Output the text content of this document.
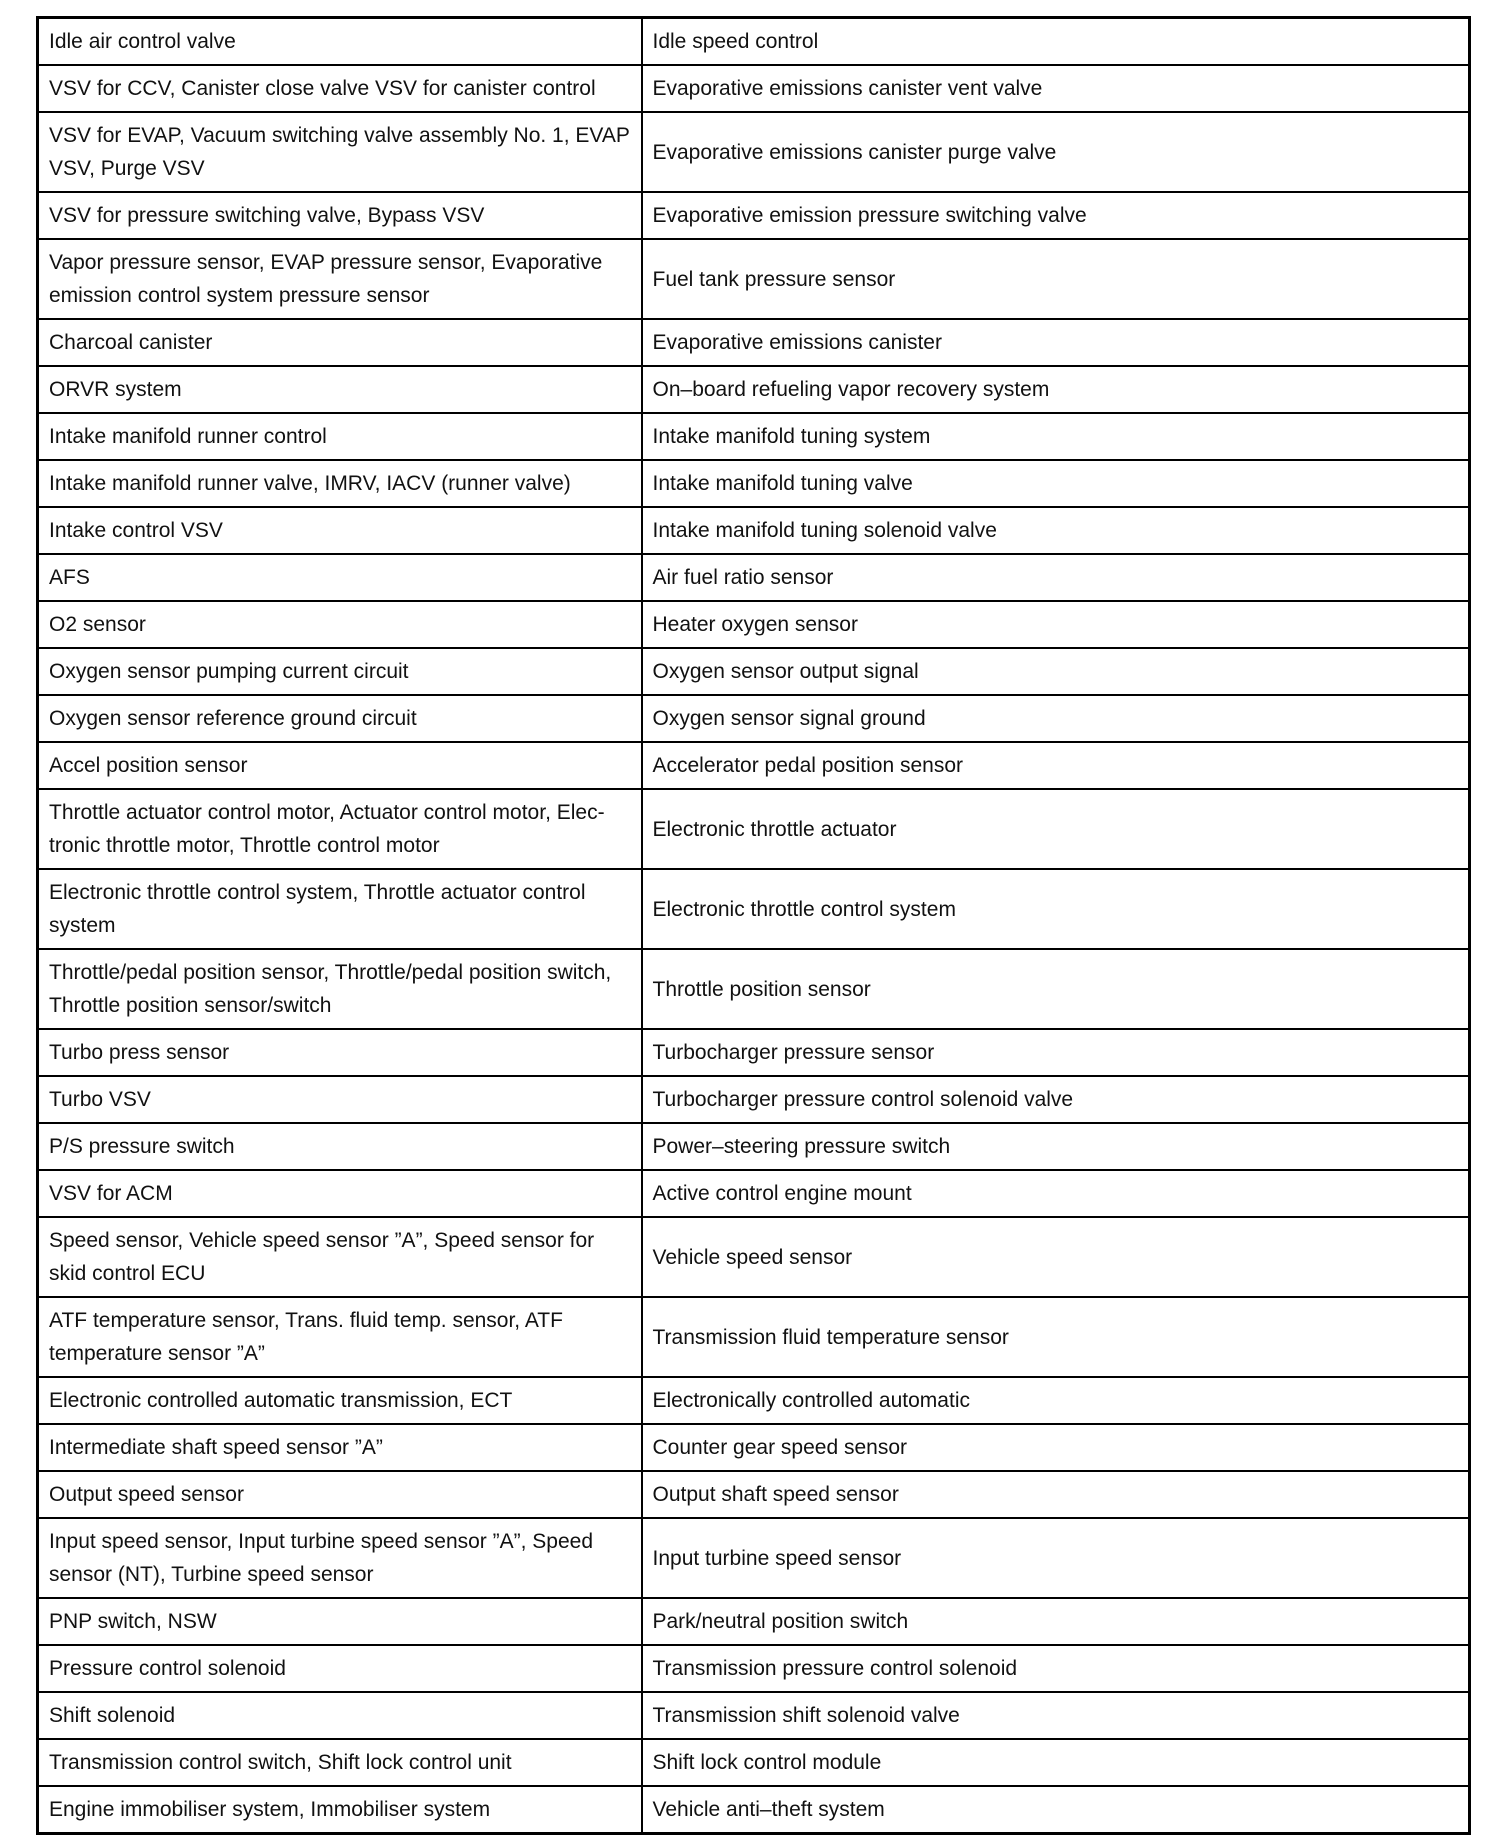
Idle air control valve	Idle speed control
VSV for CCV, Canister close valve VSV for canister control	Evaporative emissions canister vent valve
VSV for EVAP, Vacuum switching valve assembly No. 1, EVAP VSV, Purge VSV	Evaporative emissions canister purge valve
VSV for pressure switching valve, Bypass VSV	Evaporative emission pressure switching valve
Vapor pressure sensor, EVAP pressure sensor, Evaporative emission control system pressure sensor	Fuel tank pressure sensor
Charcoal canister	Evaporative emissions canister
ORVR system	On–board refueling vapor recovery system
Intake manifold runner control	Intake manifold tuning system
Intake manifold runner valve, IMRV, IACV (runner valve)	Intake manifold tuning valve
Intake control VSV	Intake manifold tuning solenoid valve
AFS	Air fuel ratio sensor
O2 sensor	Heater oxygen sensor
Oxygen sensor pumping current circuit	Oxygen sensor output signal
Oxygen sensor reference ground circuit	Oxygen sensor signal ground
Accel position sensor	Accelerator pedal position sensor
Throttle actuator control motor, Actuator control motor, Elec-tronic throttle motor, Throttle control motor	Electronic throttle actuator
Electronic throttle control system, Throttle actuator control system	Electronic throttle control system
Throttle/pedal position sensor, Throttle/pedal position switch, Throttle position sensor/switch	Throttle position sensor
Turbo press sensor	Turbocharger pressure sensor
Turbo VSV	Turbocharger pressure control solenoid valve
P/S pressure switch	Power–steering pressure switch
VSV for ACM	Active control engine mount
Speed sensor, Vehicle speed sensor ”A”, Speed sensor for skid control ECU	Vehicle speed sensor
ATF temperature sensor, Trans. fluid temp. sensor, ATF temperature sensor ”A”	Transmission fluid temperature sensor
Electronic controlled automatic transmission, ECT	Electronically controlled automatic
Intermediate shaft speed sensor ”A”	Counter gear speed sensor
Output speed sensor	Output shaft speed sensor
Input speed sensor, Input turbine speed sensor ”A”, Speed sensor (NT), Turbine speed sensor	Input turbine speed sensor
PNP switch, NSW	Park/neutral position switch
Pressure control solenoid	Transmission pressure control solenoid
Shift solenoid	Transmission shift solenoid valve
Transmission control switch, Shift lock control unit	Shift lock control module
Engine immobiliser system, Immobiliser system	Vehicle anti–theft system
